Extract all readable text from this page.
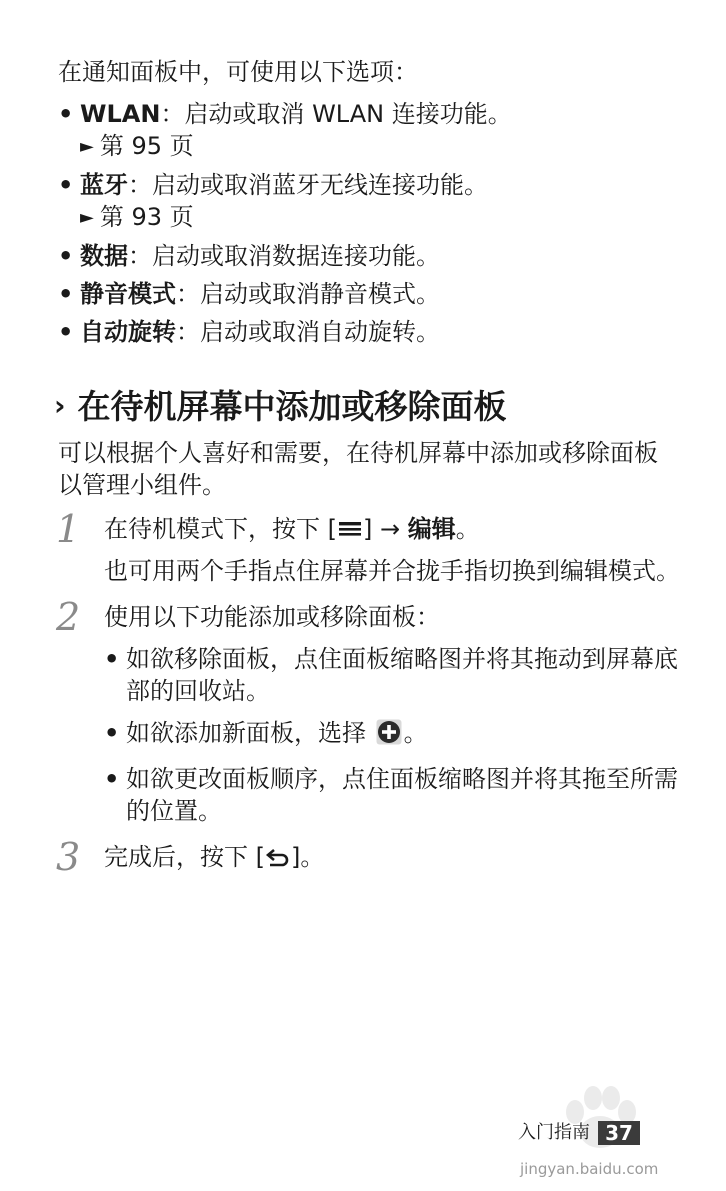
在通知面板中，可使用以下选项：
• WLAN：启动或取消 WLAN 连接功能。
► 第 95 页
• 蓝牙：启动或取消蓝牙无线连接功能。
► 第 93 页
• 数据：启动或取消数据连接功能。
• 静音模式：启动或取消静音模式。
• 自动旋转：启动或取消自动旋转。
› 在待机屏幕中添加或移除面板
可以根据个人喜好和需要，在待机屏幕中添加或移除面板以管理小组件。
1 在待机模式下，按下 [ ] → 编辑。
也可用两个手指点住屏幕并合拢手指切换到编辑模式。
2 使用以下功能添加或移除面板：
• 如欲移除面板，点住面板缩略图并将其拖动到屏幕底部的回收站。
• 如欲添加新面板，选择 。
• 如欲更改面板顺序，点住面板缩略图并将其拖至所需的位置。
3 完成后，按下 [ ]。
jingyan.baidu.com
入门指南 37
